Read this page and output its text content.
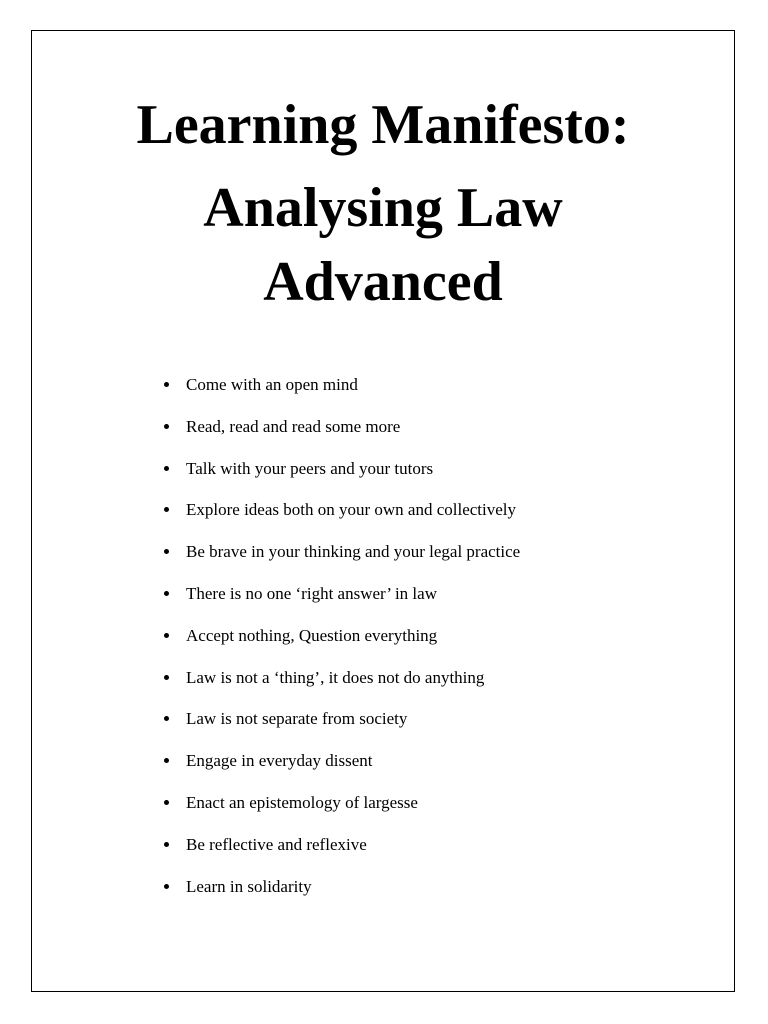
Learning Manifesto:
Analysing Law
Advanced
Come with an open mind
Read, read and read some more
Talk with your peers and your tutors
Explore ideas both on your own and collectively
Be brave in your thinking and your legal practice
There is no one ‘right answer’ in law
Accept nothing, Question everything
Law is not a ‘thing’, it does not do anything
Law is not separate from society
Engage in everyday dissent
Enact an epistemology of largesse
Be reflective and reflexive
Learn in solidarity
